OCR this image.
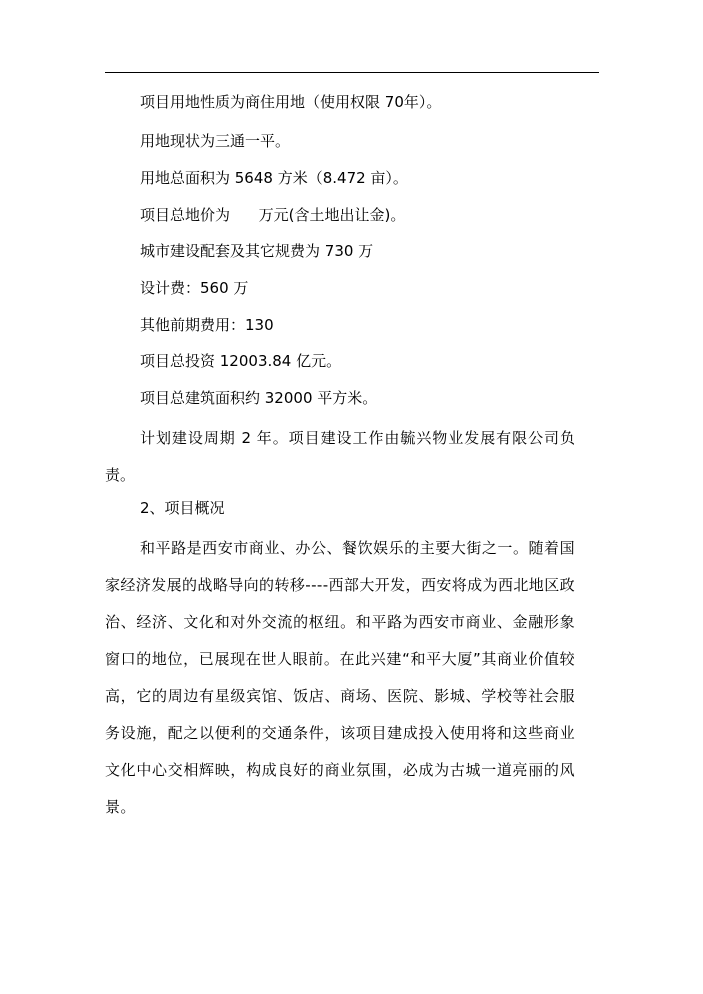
项目用地性质为商住用地（使用权限 70年）。
用地现状为三通一平。
用地总面积为 5648 方米（8.472 亩）。
项目总地价为      万元(含土地出让金)。
城市建设配套及其它规费为 730 万
设计费：560 万
其他前期费用：130
项目总投资 12003.84 亿元。
项目总建筑面积约 32000 平方米。

计划建设周期 2 年。项目建设工作由毓兴物业发展有限公司负责。

2、项目概况

和平路是西安市商业、办公、餐饮娱乐的主要大街之一。随着国家经济发展的战略导向的转移----西部大开发，西安将成为西北地区政治、经济、文化和对外交流的枢纽。和平路为西安市商业、金融形象窗口的地位，已展现在世人眼前。在此兴建“和平大厦”其商业价值较高，它的周边有星级宾馆、饭店、商场、医院、影城、学校等社会服务设施，配之以便利的交通条件，该项目建成投入使用将和这些商业文化中心交相辉映，构成良好的商业氛围，必成为古城一道亮丽的风景。
